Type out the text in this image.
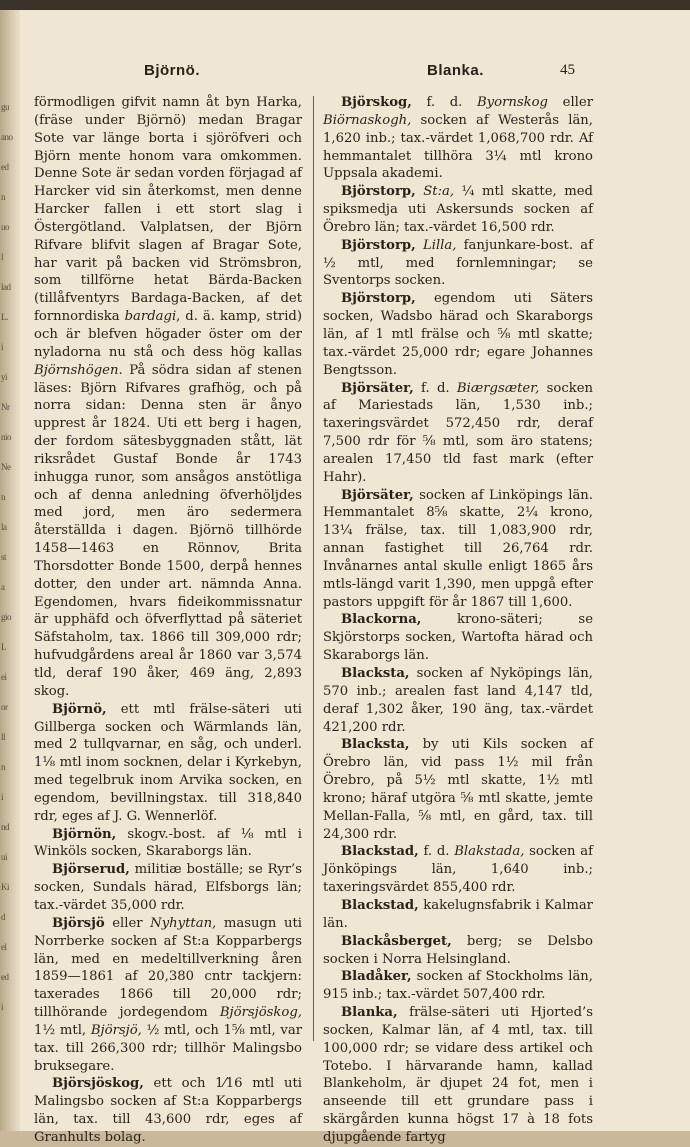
gu
ano
ed
n
uo
l
lad
L.
i
yi
Nr
nio
Ne
n
la
st
a
gio
L
ei
or
ll
n
i
nd
ui
Ki
d
el
ed
i
Björnö.	Blanka.	45

förmodligen gifvit namn åt byn Harka, (fräse under Björnö) medan Bragar Sote var länge borta i sjöröfveri och Björn mente honom vara omkommen. Denne Sote är sedan vorden förjagad af Harcker vid sin återkomst, men denne Harcker fallen i ett stort slag i Östergötland. Valplatsen, der Björn Rifvare blifvit slagen af Bragar Sote, har varit på backen vid Strömsbron, som tillförne hetat Bärda-Backen (tillåfventyrs Bardaga-Backen, af det fornnordiska bardagi, d. ä. kamp, strid) och är blefven högader öster om der nyladorna nu stå och dess hög kallas Björnshögen. På södra sidan af stenen läses: Björn Rifvares grafhög, och på norra sidan: Denna sten är ånyo upprest år 1824. Uti ett berg i hagen, der fordom sätesbyggnaden stått, lät riksrådet Gustaf Bonde år 1743 inhugga runor, som ansågos anstötliga och af denna anledning öfverhöljdes med jord, men äro sedermera återställda i dagen. Björnö tillhörde 1458—1463 en Rönnov, Brita Thorsdotter Bonde 1500, derpå hennes dotter, den under art. nämnda Anna. Egendomen, hvars fideikommissnatur är upphäfd och öfverflyttad på säteriet Säfstaholm, tax. 1866 till 309,000 rdr; hufvudgårdens areal år 1860 var 3,574 tld, deraf 190 åker, 469 äng, 2,893 skog.

Björnö, ett mtl frälse-säteri uti Gillberga socken och Wärmlands län, med 2 tullqvarnar, en såg, och underl. 1⅛ mtl inom socknen, delar i Kyrkebyn, med tegelbruk inom Arvika socken, en egendom, bevillningstax. till 318,840 rdr, eges af J. G. Wennerlöf.

Björnön, skogv.-bost. af ⅛ mtl i Winköls socken, Skaraborgs län.

Björserud, militiæ boställe; se Ryr’s socken, Sundals härad, Elfsborgs län; tax.-värdet 35,000 rdr.

Björsjö eller Nyhyttan, masugn uti Norrberke socken af St:a Kopparbergs län, med en medeltillverkning åren 1859—1861 af 20,380 cntr tackjern: taxerades 1866 till 20,000 rdr; tillhörande jordegendom Björsjöskog, 1½ mtl, Björsjö, ½ mtl, och 1⅝ mtl, var tax. till 266,300 rdr; tillhör Malingsbo bruksegare.

Björsjöskog, ett och 1⁄16 mtl uti Malingsbo socken af St:a Kopparbergs län, tax. till 43,600 rdr, eges af Granhults bolag.

Björskog, f. d. Byornskog eller Biörnaskogh, socken af Westerås län, 1,620 inb.; tax.-värdet 1,068,700 rdr. Af hemmantalet tillhöra 3¼ mtl krono Uppsala akademi.

Björstorp, St:a, ¼ mtl skatte, med spiksmedja uti Askersunds socken af Örebro län; tax.-värdet 16,500 rdr.

Björstorp, Lilla, fanjunkare-bost. af ½ mtl, med fornlemningar; se Sventorps socken.

Björstorp, egendom uti Säters socken, Wadsbo härad och Skaraborgs län, af 1 mtl frälse och ⅝ mtl skatte; tax.-värdet 25,000 rdr; egare Johannes Bengtsson.

Björsäter, f. d. Biærgsæter, socken af Mariestads län, 1,530 inb.; taxeringsvärdet 572,450 rdr, deraf 7,500 rdr för ⅝ mtl, som äro statens; arealen 17,450 tld fast mark (efter Hahr).

Björsäter, socken af Linköpings län. Hemmantalet 8⅝ skatte, 2¼ krono, 13¼ frälse, tax. till 1,083,900 rdr, annan fastighet till 26,764 rdr. Invånarnes antal skulle enligt 1865 års mtls-längd varit 1,390, men uppgå efter pastors uppgift för år 1867 till 1,600.

Blackorna, krono-säteri; se Skjörstorps socken, Wartofta härad och Skaraborgs län.

Blacksta, socken af Nyköpings län, 570 inb.; arealen fast land 4,147 tld, deraf 1,302 åker, 190 äng, tax.-värdet 421,200 rdr.

Blacksta, by uti Kils socken af Örebro län, vid pass 1½ mil från Örebro, på 5½ mtl skatte, 1½ mtl krono; häraf utgöra ⅝ mtl skatte, jemte Mellan-Falla, ⅝ mtl, en gård, tax. till 24,300 rdr.

Blackstad, f. d. Blakstada, socken af Jönköpings län, 1,640 inb.; taxeringsvärdet 855,400 rdr.

Blackstad, kakelugnsfabrik i Kalmar län.

Blackåsberget, berg; se Delsbo socken i Norra Helsingland.

Bladåker, socken af Stockholms län, 915 inb.; tax.-värdet 507,400 rdr.

Blanka, frälse-säteri uti Hjorted’s socken, Kalmar län, af 4 mtl, tax. till 100,000 rdr; se vidare dess artikel och Totebo. I härvarande hamn, kallad Blankeholm, är djupet 24 fot, men i anseende till ett grundare pass i skärgården kunna högst 17 à 18 fots djupgående fartyg
